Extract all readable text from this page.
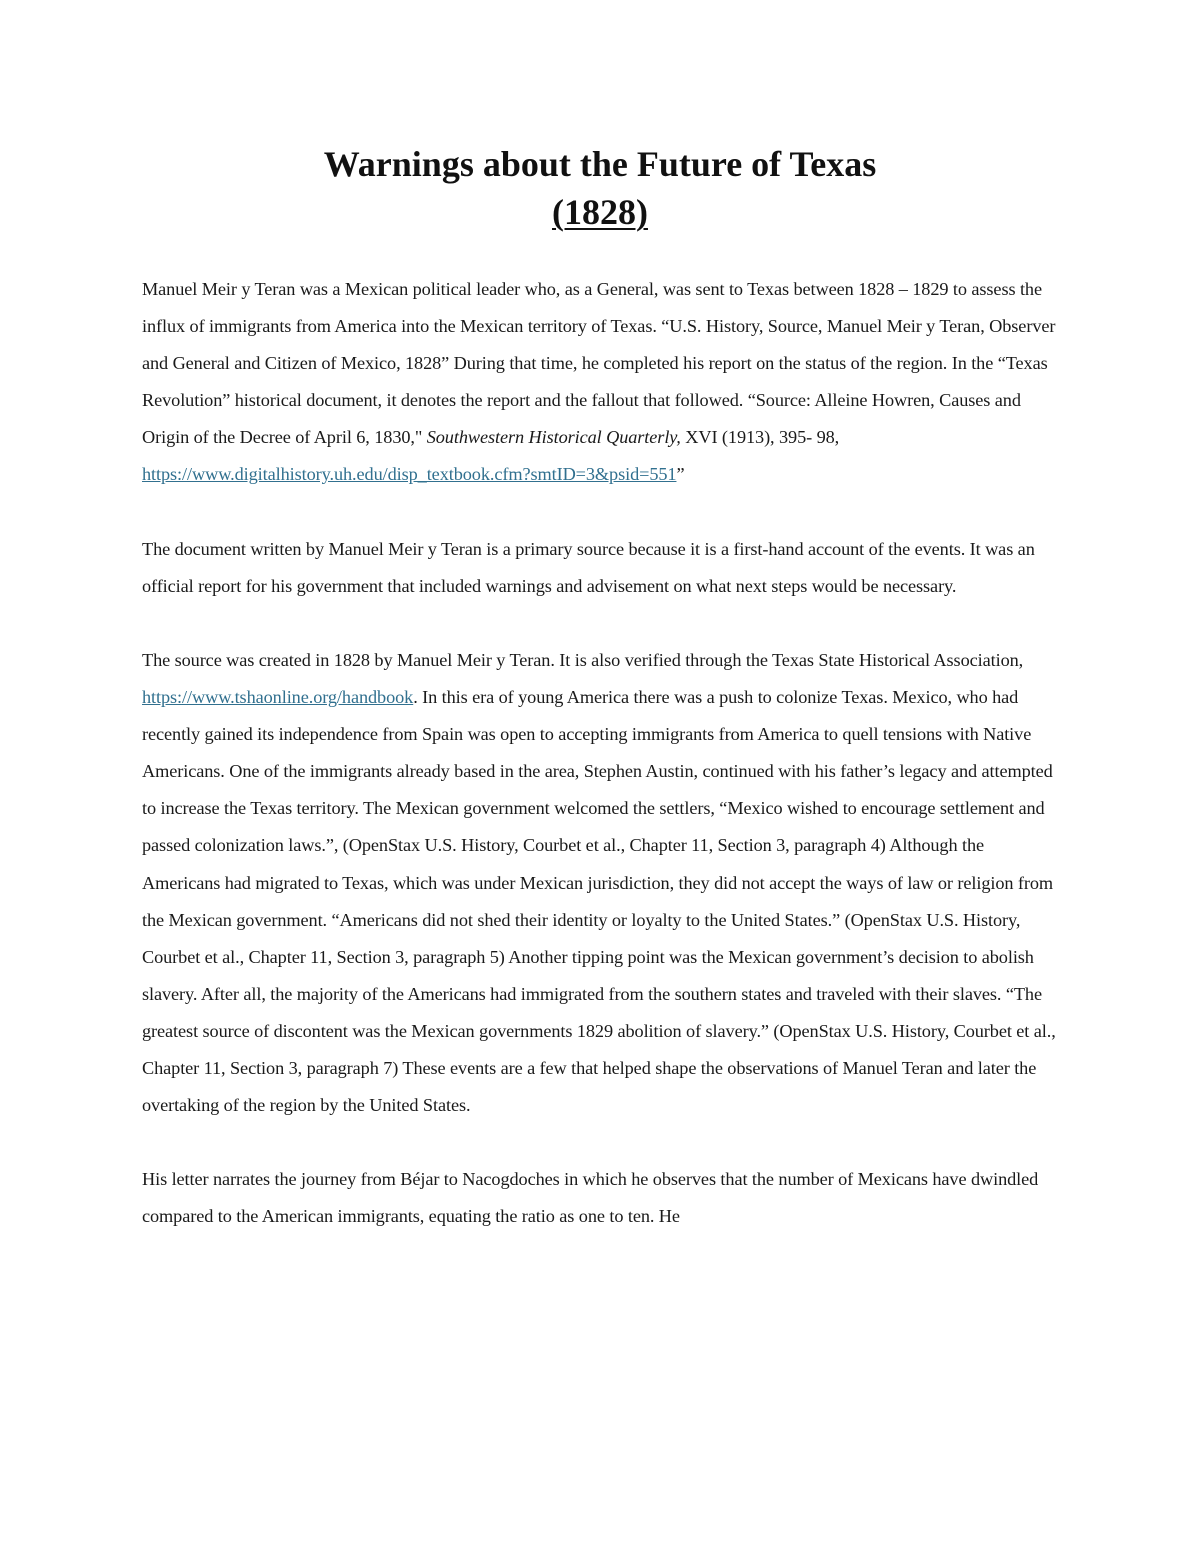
Warnings about the Future of Texas

(1828)

Manuel Meir y Teran was a Mexican political leader who, as a General, was sent to Texas between 1828 – 1829 to assess the influx of immigrants from America into the Mexican territory of Texas. “U.S. History, Source, Manuel Meir y Teran, Observer and General and Citizen of Mexico, 1828” During that time, he completed his report on the status of the region. In the “Texas Revolution” historical document, it denotes the report and the fallout that followed. “Source: Alleine Howren, Causes and Origin of the Decree of April 6, 1830," Southwestern Historical Quarterly, XVI (1913), 395- 98, https://www.digitalhistory.uh.edu/disp_textbook.cfm?smtID=3&psid=551”

The document written by Manuel Meir y Teran is a primary source because it is a first-hand account of the events. It was an official report for his government that included warnings and advisement on what next steps would be necessary.

The source was created in 1828 by Manuel Meir y Teran. It is also verified through the Texas State Historical Association, https://www.tshaonline.org/handbook. In this era of young America there was a push to colonize Texas. Mexico, who had recently gained its independence from Spain was open to accepting immigrants from America to quell tensions with Native Americans. One of the immigrants already based in the area, Stephen Austin, continued with his father’s legacy and attempted to increase the Texas territory. The Mexican government welcomed the settlers, “Mexico wished to encourage settlement and passed colonization laws.”, (OpenStax U.S. History, Courbet et al., Chapter 11, Section 3, paragraph 4) Although the Americans had migrated to Texas, which was under Mexican jurisdiction, they did not accept the ways of law or religion from the Mexican government. “Americans did not shed their identity or loyalty to the United States.” (OpenStax U.S. History, Courbet et al., Chapter 11, Section 3, paragraph 5) Another tipping point was the Mexican government’s decision to abolish slavery. After all, the majority of the Americans had immigrated from the southern states and traveled with their slaves. “The greatest source of discontent was the Mexican governments 1829 abolition of slavery.” (OpenStax U.S. History, Courbet et al., Chapter 11, Section 3, paragraph 7) These events are a few that helped shape the observations of Manuel Teran and later the overtaking of the region by the United States.

His letter narrates the journey from Béjar to Nacogdoches in which he observes that the number of Mexicans have dwindled compared to the American immigrants, equating the ratio as one to ten. He
